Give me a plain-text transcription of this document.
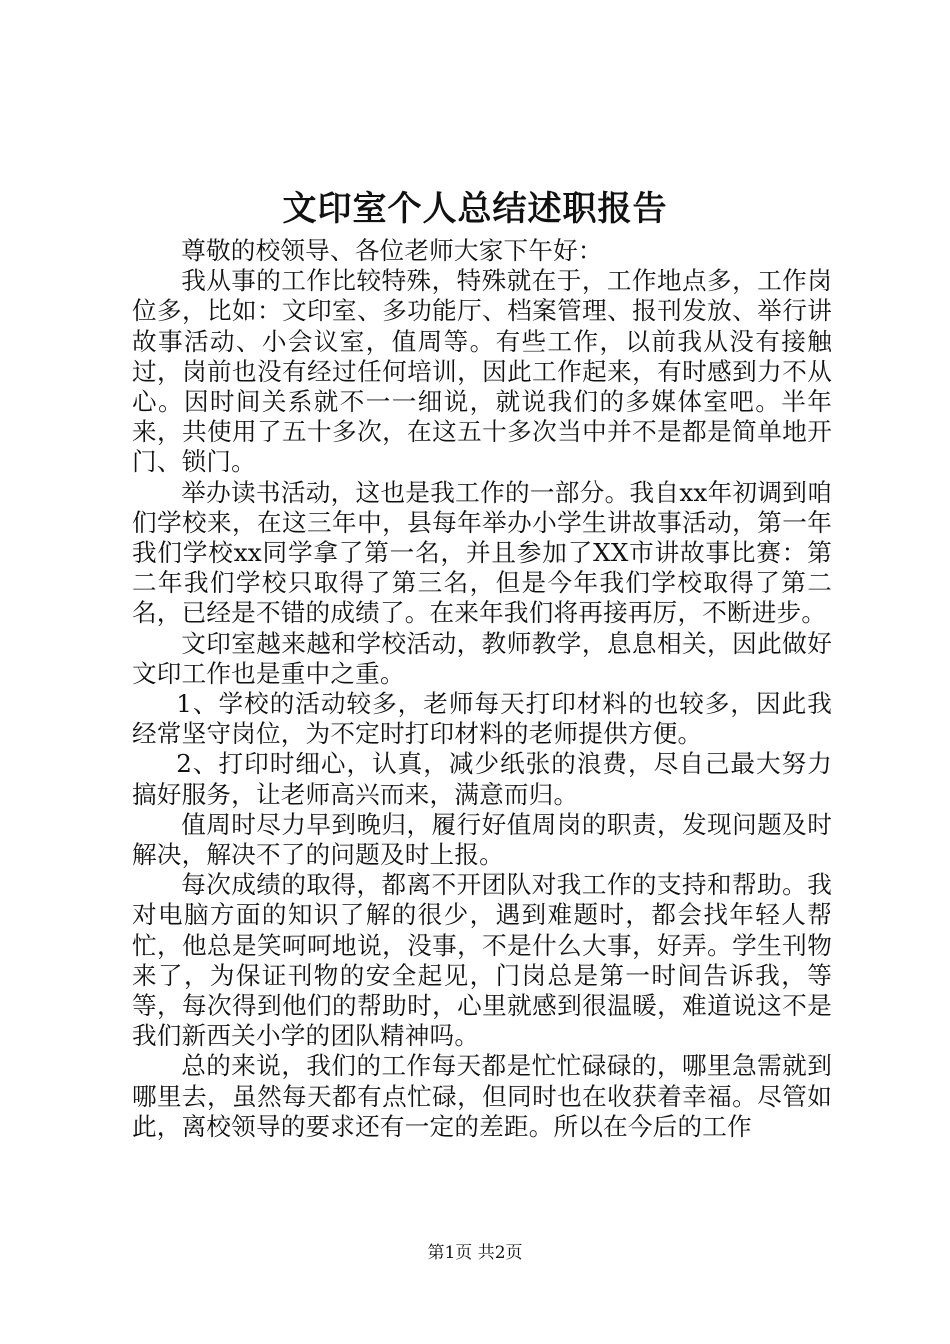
文印室个人总结述职报告

尊敬的校领导、各位老师大家下午好：

我从事的工作比较特殊，特殊就在于，工作地点多，工作岗位多，比如：文印室、多功能厅、档案管理、报刊发放、举行讲故事活动、小会议室，值周等。有些工作，以前我从没有接触过，岗前也没有经过任何培训，因此工作起来，有时感到力不从心。因时间关系就不一一细说，就说我们的多媒体室吧。半年来，共使用了五十多次，在这五十多次当中并不是都是简单地开门、锁门。

举办读书活动，这也是我工作的一部分。我自xx年初调到咱们学校来，在这三年中，县每年举办小学生讲故事活动，第一年我们学校xx同学拿了第一名，并且参加了XX市讲故事比赛：第二年我们学校只取得了第三名，但是今年我们学校取得了第二名，已经是不错的成绩了。在来年我们将再接再厉，不断进步。

文印室越来越和学校活动，教师教学，息息相关，因此做好文印工作也是重中之重。

1、学校的活动较多，老师每天打印材料的也较多，因此我经常坚守岗位，为不定时打印材料的老师提供方便。

2、打印时细心，认真，减少纸张的浪费，尽自己最大努力搞好服务，让老师高兴而来，满意而归。

值周时尽力早到晚归，履行好值周岗的职责，发现问题及时解决，解决不了的问题及时上报。

每次成绩的取得，都离不开团队对我工作的支持和帮助。我对电脑方面的知识了解的很少，遇到难题时，都会找年轻人帮忙，他总是笑呵呵地说，没事，不是什么大事，好弄。学生刊物来了，为保证刊物的安全起见，门岗总是第一时间告诉我，等等，每次得到他们的帮助时，心里就感到很温暖，难道说这不是我们新西关小学的团队精神吗。

总的来说，我们的工作每天都是忙忙碌碌的，哪里急需就到哪里去，虽然每天都有点忙碌，但同时也在收获着幸福。尽管如此，离校领导的要求还有一定的差距。所以在今后的工作

第1页 共2页
